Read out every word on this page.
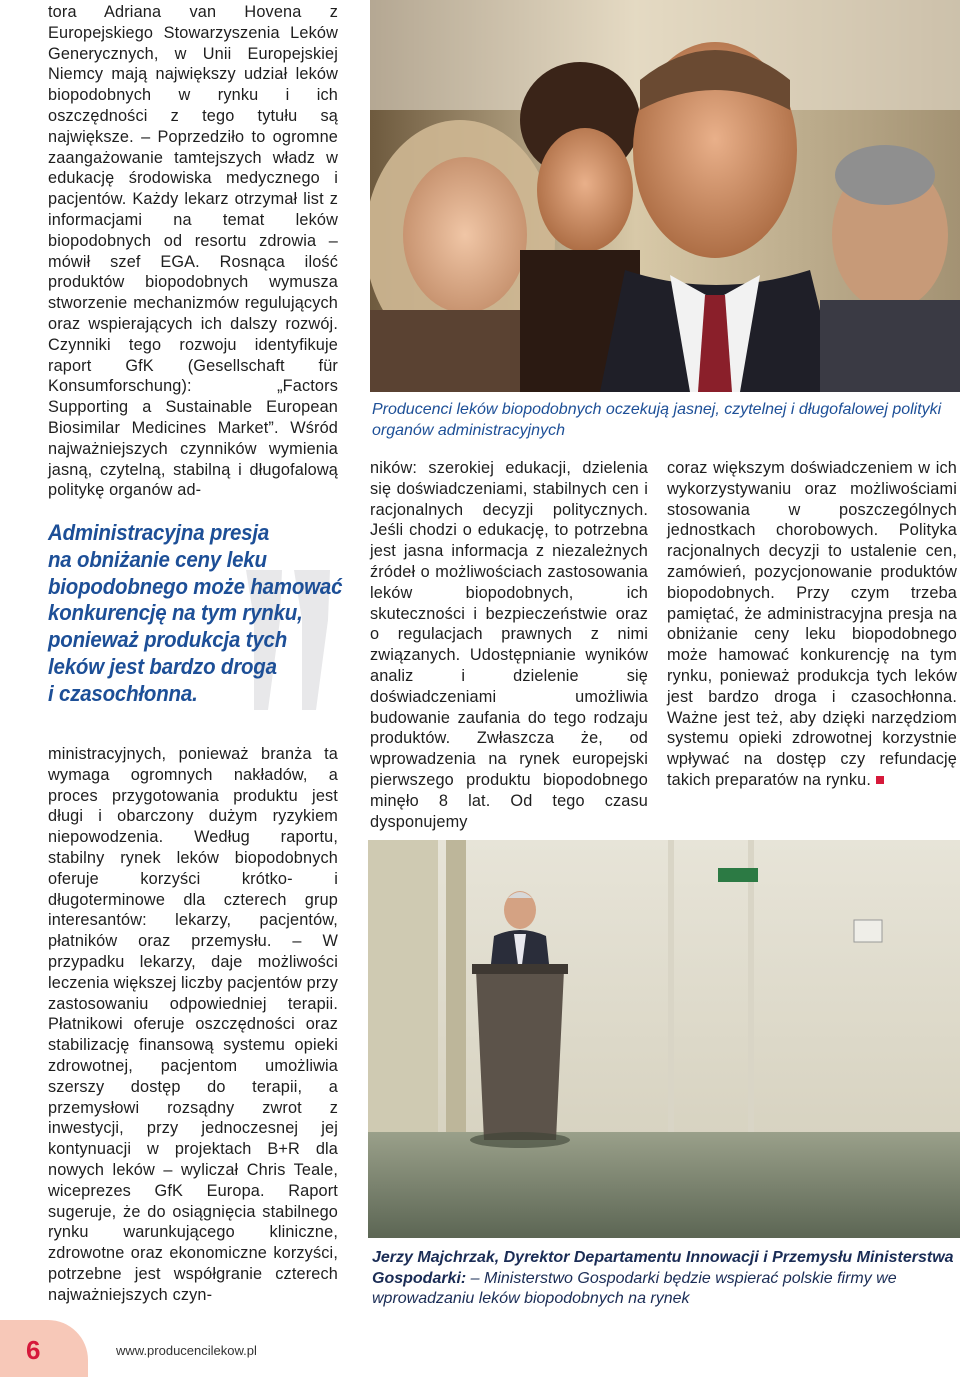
tora Adriana van Hovena z Europejskiego Stowarzyszenia Leków Generycznych, w Unii Europejskiej Niemcy mają największy udział leków biopodobnych w rynku i ich oszczędności z tego tytułu są największe. – Poprzedziło to ogromne zaangażowanie tamtejszych władz w edukację środowiska medycznego i pacjentów. Każdy lekarz otrzymał list z informacjami na temat leków biopodobnych od resortu zdrowia – mówił szef EGA. Rosnąca ilość produktów biopodobnych wymusza stworzenie mechanizmów regulujących oraz wspierających ich dalszy rozwój. Czynniki tego rozwoju identyfikuje raport GfK (Gesellschaft für Konsumforschung): „Factors Supporting a Sustainable European Biosimilar Medicines Market”. Wśród najważniejszych czynników wymienia jasną, czytelną, stabilną i długofalową politykę organów ad-

Administracyjna presja
na obniżanie ceny leku
biopodobnego może hamować
konkurencję na tym rynku,
ponieważ produkcja tych
leków jest bardzo droga
i czasochłonna.

ministracyjnych, ponieważ branża ta wymaga ogromnych nakładów, a proces przygotowania produktu jest długi i obarczony dużym ryzykiem niepowodzenia. Według raportu, stabilny rynek leków biopodobnych oferuje korzyści krótko- i długoterminowe dla czterech grup interesantów: lekarzy, pacjentów, płatników oraz przemysłu. – W przypadku lekarzy, daje możliwości leczenia większej liczby pacjentów przy zastosowaniu odpowiedniej terapii. Płatnikowi oferuje oszczędności oraz stabilizację finansową systemu opieki zdrowotnej, pacjentom umożliwia szerszy dostęp do terapii, a przemysłowi rozsądny zwrot z inwestycji, przy jednoczesnej jej kontynuacji w projektach B+R dla nowych leków – wyliczał Chris Teale, wiceprezes GfK Europa. Raport sugeruje, że do osiągnięcia stabilnego rynku warunkującego kliniczne, zdrowotne oraz ekonomiczne korzyści, potrzebne jest współgranie czterech najważniejszych czyn-

Producenci leków biopodobnych oczekują jasnej, czytelnej i długofalowej polityki organów administracyjnych

ników: szerokiej edukacji, dzielenia się doświadczeniami, stabilnych cen i racjonalnych decyzji politycznych. Jeśli chodzi o edukację, to potrzebna jest jasna informacja z niezależnych źródeł o możliwościach zastosowania leków biopodobnych, ich skuteczności i bezpieczeństwie oraz o regulacjach prawnych z nimi związanych. Udostępnianie wyników analiz i dzielenie się doświadczeniami umożliwia budowanie zaufania do tego rodzaju produktów. Zwłaszcza że, od wprowadzenia na rynek europejski pierwszego produktu biopodobnego minęło 8 lat. Od tego czasu dysponujemy

coraz większym doświadczeniem w ich wykorzystywaniu oraz możliwościami stosowania w poszczególnych jednostkach chorobowych. Polityka racjonalnych decyzji to ustalenie cen, zamówień, pozycjonowanie produktów biopodobnych. Przy czym trzeba pamiętać, że administracyjna presja na obniżanie ceny leku biopodobnego może hamować konkurencję na tym rynku, ponieważ produkcja tych leków jest bardzo droga i czasochłonna. Ważne jest też, aby dzięki narzędziom systemu opieki zdrowotnej korzystnie wpływać na dostęp czy refundację takich preparatów na rynku.

Jerzy Majchrzak, Dyrektor Departamentu Innowacji i Przemysłu Ministerstwa Gospodarki: – Ministerstwo Gospodarki będzie wspierać polskie firmy we wprowadzaniu leków biopodobnych na rynek
6	www.producencilekow.pl
